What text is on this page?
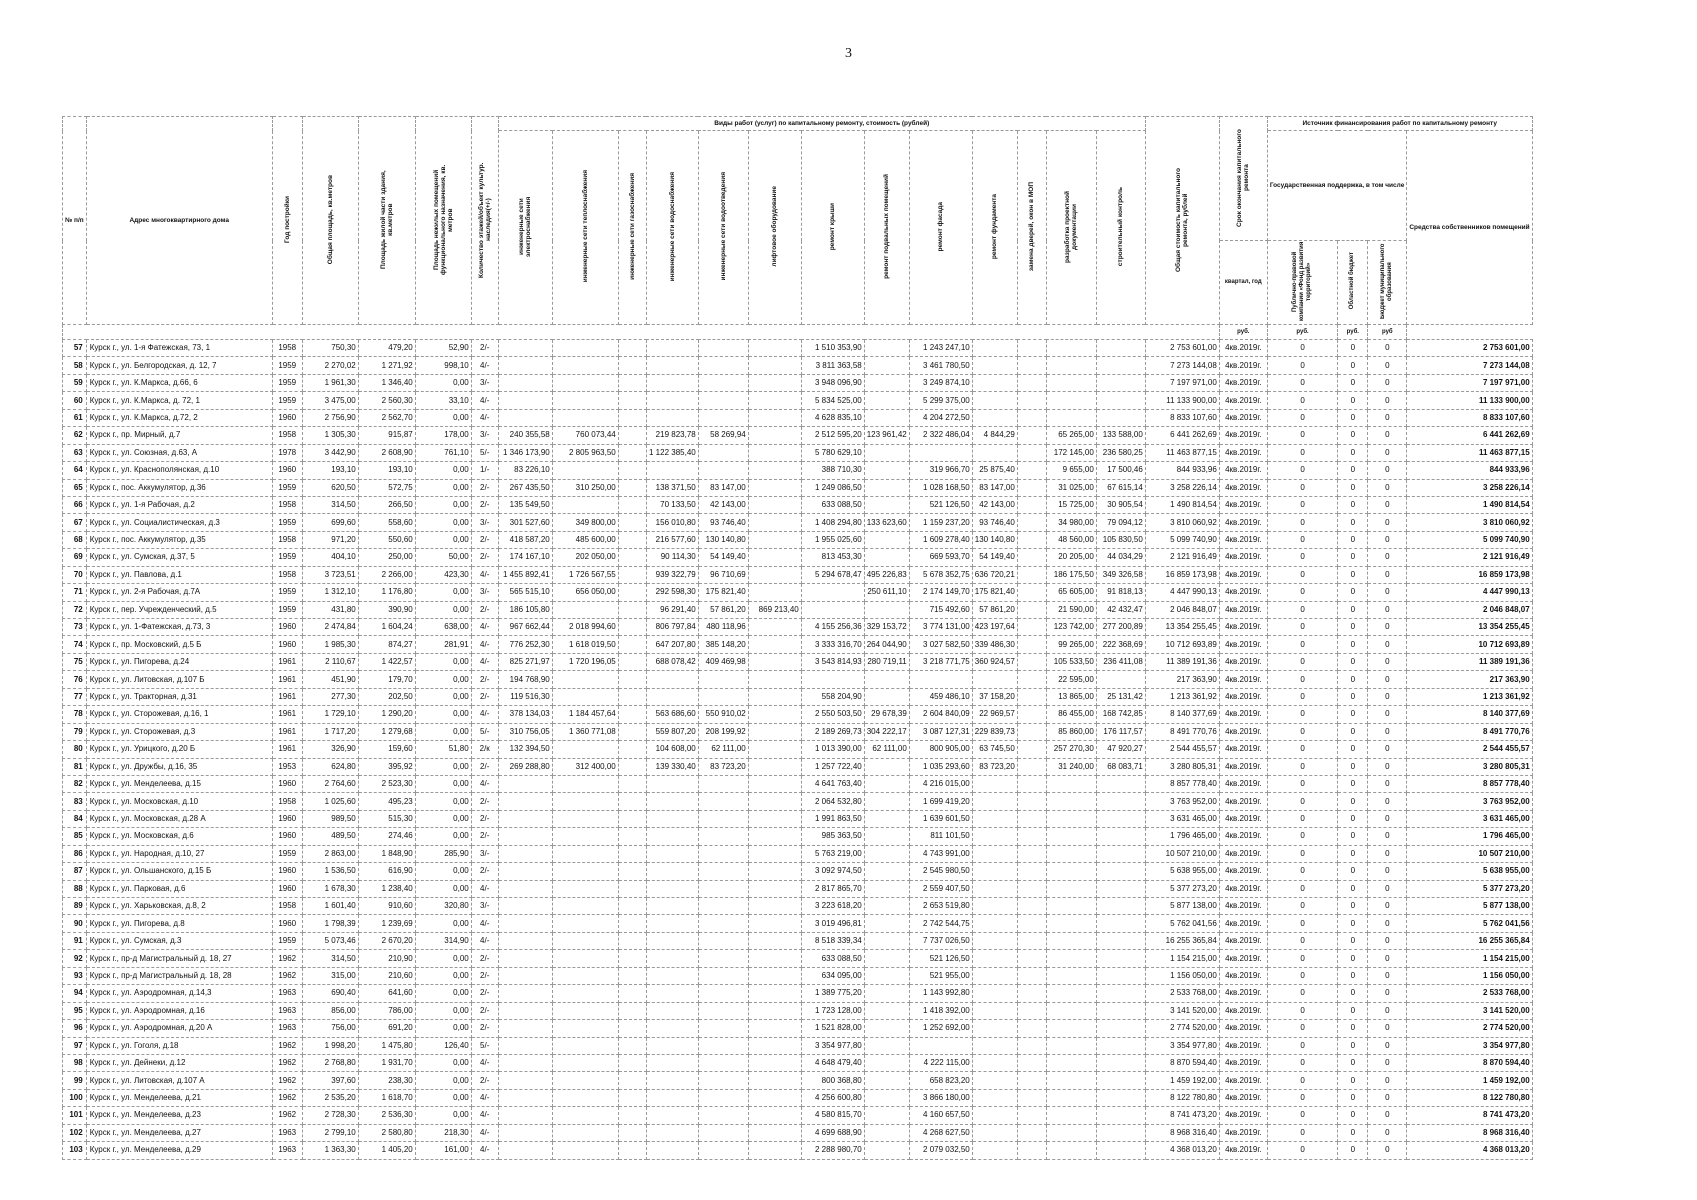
3
№ п/п	Адрес многоквартирного дома	Год постройки	Общая площадь, кв.метров	Площадь жилой части здания, кв.метров	Площадь нежилых помещений функционального назначения, кв. метров	Количество этажей/объект культур. наследия(+/-)	Виды работ (услуг) по капитальному ремонту, стоимость (рублей)													Общая стоимость капитального ремонта, рублей	Срок окончания капитального ремонта	Источник финансирования работ по капитальному ремонту			
							инженерные сети электроснабжения	инженерные сети теплоснабжения	инженерные сети газоснабжения	инженерные сети водоснабжения	инженерные сети водоотведения	лифтовое оборудование	ремонт крыши	ремонт подвальных помещений	ремонт фасада	ремонт фундамента	замена дверей, окон в МОП	разработка проектной документации	строительный контроль			Государственная поддержка, в том числе			Средства собственников помещений
																					квартал, год	Публично-правовой компании «Фонд развития территорий»	Областной бюджет	Бюджет муниципального образования	
																					руб.	руб.	руб.	руб	
57	Курск г., ул. 1-я Фатежская, 73, 1	1958	750,30	479,20	52,90	2/-							1 510 353,90		1 243 247,10					2 753 601,00	4кв.2019г.	0	0	0	2 753 601,00
58	Курск г., ул. Белгородская, д. 12, 7	1959	2 270,02	1 271,92	998,10	4/-							3 811 363,58		3 461 780,50					7 273 144,08	4кв.2019г.	0	0	0	7 273 144,08
59	Курск г., ул. К.Маркса, д.66, 6	1959	1 961,30	1 346,40	0,00	3/-							3 948 096,90		3 249 874,10					7 197 971,00	4кв.2019г.	0	0	0	7 197 971,00
60	Курск г., ул. К.Маркса, д. 72, 1	1959	3 475,00	2 560,30	33,10	4/-							5 834 525,00		5 299 375,00					11 133 900,00	4кв.2019г.	0	0	0	11 133 900,00
61	Курск г., ул. К.Маркса, д.72, 2	1960	2 756,90	2 562,70	0,00	4/-							4 628 835,10		4 204 272,50					8 833 107,60	4кв.2019г.	0	0	0	8 833 107,60
62	Курск г., пр. Мирный, д.7	1958	1 305,30	915,87	178,00	3/-	240 355,58	760 073,44		219 823,78	58 269,94		2 512 595,20	123 961,42	2 322 486,04	4 844,29		65 265,00	133 588,00	6 441 262,69	4кв.2019г.	0	0	0	6 441 262,69
63	Курск г., ул. Союзная, д.63, А	1978	3 442,90	2 608,90	761,10	5/-	1 346 173,90	2 805 963,50		1 122 385,40			5 780 629,10					172 145,00	236 580,25	11 463 877,15	4кв.2019г.	0	0	0	11 463 877,15
64	Курск г., ул. Краснополянская, д.10	1960	193,10	193,10	0,00	1/-	83 226,10						388 710,30		319 966,70	25 875,40		9 655,00	17 500,46	844 933,96	4кв.2019г.	0	0	0	844 933,96
65	Курск г., пос. Аккумулятор, д.36	1959	620,50	572,75	0,00	2/-	267 435,50	310 250,00		138 371,50	83 147,00		1 249 086,50		1 028 168,50	83 147,00		31 025,00	67 615,14	3 258 226,14	4кв.2019г.	0	0	0	3 258 226,14
66	Курск г., ул. 1-я Рабочая, д.2	1958	314,50	266,50	0,00	2/-	135 549,50			70 133,50	42 143,00		633 088,50		521 126,50	42 143,00		15 725,00	30 905,54	1 490 814,54	4кв.2019г.	0	0	0	1 490 814,54
67	Курск г., ул. Социалистическая, д.3	1959	699,60	558,60	0,00	3/-	301 527,60	349 800,00		156 010,80	93 746,40		1 408 294,80	133 623,60	1 159 237,20	93 746,40		34 980,00	79 094,12	3 810 060,92	4кв.2019г.	0	0	0	3 810 060,92
68	Курск г., пос. Аккумулятор, д.35	1958	971,20	550,60	0,00	2/-	418 587,20	485 600,00		216 577,60	130 140,80		1 955 025,60		1 609 278,40	130 140,80		48 560,00	105 830,50	5 099 740,90	4кв.2019г.	0	0	0	5 099 740,90
69	Курск г., ул. Сумская, д.37, 5	1959	404,10	250,00	50,00	2/-	174 167,10	202 050,00		90 114,30	54 149,40		813 453,30		669 593,70	54 149,40		20 205,00	44 034,29	2 121 916,49	4кв.2019г.	0	0	0	2 121 916,49
70	Курск г., ул. Павлова, д.1	1958	3 723,51	2 266,00	423,30	4/-	1 455 892,41	1 726 567,55		939 322,79	96 710,69		5 294 678,47	495 226,83	5 678 352,75	636 720,21		186 175,50	349 326,58	16 859 173,98	4кв.2019г.	0	0	0	16 859 173,98
71	Курск г., ул. 2-я Рабочая, д.7А	1959	1 312,10	1 176,80	0,00	3/-	565 515,10	656 050,00		292 598,30	175 821,40			250 611,10	2 174 149,70	175 821,40		65 605,00	91 818,13	4 447 990,13	4кв.2019г.	0	0	0	4 447 990,13
72	Курск г., пер. Учрежденческий, д.5	1959	431,80	390,90	0,00	2/-	186 105,80			96 291,40	57 861,20	869 213,40			715 492,60	57 861,20		21 590,00	42 432,47	2 046 848,07	4кв.2019г.	0	0	0	2 046 848,07
73	Курск г., ул. 1-Фатежская, д.73, 3	1960	2 474,84	1 604,24	638,00	4/-	967 662,44	2 018 994,60		806 797,84	480 118,96		4 155 256,36	329 153,72	3 774 131,00	423 197,64		123 742,00	277 200,89	13 354 255,45	4кв.2019г.	0	0	0	13 354 255,45
74	Курск г., пр. Московский, д.5 Б	1960	1 985,30	874,27	281,91	4/-	776 252,30	1 618 019,50		647 207,80	385 148,20		3 333 316,70	264 044,90	3 027 582,50	339 486,30		99 265,00	222 368,69	10 712 693,89	4кв.2019г.	0	0	0	10 712 693,89
75	Курск г., ул. Пигорева, д.24	1961	2 110,67	1 422,57	0,00	4/-	825 271,97	1 720 196,05		688 078,42	409 469,98		3 543 814,93	280 719,11	3 218 771,75	360 924,57		105 533,50	236 411,08	11 389 191,36	4кв.2019г.	0	0	0	11 389 191,36
76	Курск г., ул. Литовская, д.107 Б	1961	451,90	179,70	0,00	2/-	194 768,90											22 595,00		217 363,90	4кв.2019г.	0	0	0	217 363,90
77	Курск г., ул. Тракторная, д.31	1961	277,30	202,50	0,00	2/-	119 516,30						558 204,90		459 486,10	37 158,20		13 865,00	25 131,42	1 213 361,92	4кв.2019г.	0	0	0	1 213 361,92
78	Курск г., ул. Сторожевая, д.16, 1	1961	1 729,10	1 290,20	0,00	4/-	378 134,03	1 184 457,64		563 686,60	550 910,02		2 550 503,50	29 678,39	2 604 840,09	22 969,57		86 455,00	168 742,85	8 140 377,69	4кв.2019г.	0	0	0	8 140 377,69
79	Курск г., ул. Сторожевая, д.3	1961	1 717,20	1 279,68	0,00	5/-	310 756,05	1 360 771,08		559 807,20	208 199,92		2 189 269,73	304 222,17	3 087 127,31	229 839,73		85 860,00	176 117,57	8 491 770,76	4кв.2019г.	0	0	0	8 491 770,76
80	Курск г., ул. Урицкого, д.20 Б	1961	326,90	159,60	51,80	2/к	132 394,50			104 608,00	62 111,00		1 013 390,00	62 111,00	800 905,00	63 745,50		257 270,30	47 920,27	2 544 455,57	4кв.2019г.	0	0	0	2 544 455,57
81	Курск г., ул. Дружбы, д.16, 35	1953	624,80	395,92	0,00	2/-	269 288,80	312 400,00		139 330,40	83 723,20		1 257 722,40		1 035 293,60	83 723,20		31 240,00	68 083,71	3 280 805,31	4кв.2019г.	0	0	0	3 280 805,31
82	Курск г., ул. Менделеева, д.15	1960	2 764,60	2 523,30	0,00	4/-							4 641 763,40		4 216 015,00					8 857 778,40	4кв.2019г.	0	0	0	8 857 778,40
83	Курск г., ул. Московская, д.10	1958	1 025,60	495,23	0,00	2/-							2 064 532,80		1 699 419,20					3 763 952,00	4кв.2019г.	0	0	0	3 763 952,00
84	Курск г., ул. Московская, д.28 А	1960	989,50	515,30	0,00	2/-							1 991 863,50		1 639 601,50					3 631 465,00	4кв.2019г.	0	0	0	3 631 465,00
85	Курск г., ул. Московская, д.6	1960	489,50	274,46	0,00	2/-							985 363,50		811 101,50					1 796 465,00	4кв.2019г.	0	0	0	1 796 465,00
86	Курск г., ул. Народная, д.10, 27	1959	2 863,00	1 848,90	285,90	3/-							5 763 219,00		4 743 991,00					10 507 210,00	4кв.2019г.	0	0	0	10 507 210,00
87	Курск г., ул. Ольшанского, д.15 Б	1960	1 536,50	616,90	0,00	2/-							3 092 974,50		2 545 980,50					5 638 955,00	4кв.2019г.	0	0	0	5 638 955,00
88	Курск г., ул. Парковая, д.6	1960	1 678,30	1 238,40	0,00	4/-							2 817 865,70		2 559 407,50					5 377 273,20	4кв.2019г.	0	0	0	5 377 273,20
89	Курск г., ул. Харьковская, д.8, 2	1958	1 601,40	910,60	320,80	3/-							3 223 618,20		2 653 519,80					5 877 138,00	4кв.2019г.	0	0	0	5 877 138,00
90	Курск г., ул. Пигорева, д.8	1960	1 798,39	1 239,69	0,00	4/-							3 019 496,81		2 742 544,75					5 762 041,56	4кв.2019г.	0	0	0	5 762 041,56
91	Курск г., ул. Сумская, д.3	1959	5 073,46	2 670,20	314,90	4/-							8 518 339,34		7 737 026,50					16 255 365,84	4кв.2019г.	0	0	0	16 255 365,84
92	Курск г., пр-д Магистральный д. 18, 27	1962	314,50	210,90	0,00	2/-							633 088,50		521 126,50					1 154 215,00	4кв.2019г.	0	0	0	1 154 215,00
93	Курск г., пр-д Магистральный д. 18, 28	1962	315,00	210,60	0,00	2/-							634 095,00		521 955,00					1 156 050,00	4кв.2019г.	0	0	0	1 156 050,00
94	Курск г., ул. Аэродромная, д.14,3	1963	690,40	641,60	0,00	2/-							1 389 775,20		1 143 992,80					2 533 768,00	4кв.2019г.	0	0	0	2 533 768,00
95	Курск г., ул. Аэродромная, д.16	1963	856,00	786,00	0,00	2/-							1 723 128,00		1 418 392,00					3 141 520,00	4кв.2019г.	0	0	0	3 141 520,00
96	Курск г., ул. Аэродромная, д.20 А	1963	756,00	691,20	0,00	2/-							1 521 828,00		1 252 692,00					2 774 520,00	4кв.2019г.	0	0	0	2 774 520,00
97	Курск г., ул. Гоголя, д.18	1962	1 998,20	1 475,80	126,40	5/-							3 354 977,80							3 354 977,80	4кв.2019г.	0	0	0	3 354 977,80
98	Курск г., ул. Дейнеки, д.12	1962	2 768,80	1 931,70	0,00	4/-							4 648 479,40		4 222 115,00					8 870 594,40	4кв.2019г.	0	0	0	8 870 594,40
99	Курск г., ул. Литовская, д.107 А	1962	397,60	238,30	0,00	2/-							800 368,80		658 823,20					1 459 192,00	4кв.2019г.	0	0	0	1 459 192,00
100	Курск г., ул. Менделеева, д.21	1962	2 535,20	1 618,70	0,00	4/-							4 256 600,80		3 866 180,00					8 122 780,80	4кв.2019г.	0	0	0	8 122 780,80
101	Курск г., ул. Менделеева, д.23	1962	2 728,30	2 536,30	0,00	4/-							4 580 815,70		4 160 657,50					8 741 473,20	4кв.2019г.	0	0	0	8 741 473,20
102	Курск г., ул. Менделеева, д.27	1963	2 799,10	2 580,80	218,30	4/-							4 699 688,90		4 268 627,50					8 968 316,40	4кв.2019г.	0	0	0	8 968 316,40
103	Курск г., ул. Менделеева, д.29	1963	1 363,30	1 405,20	161,00	4/-							2 288 980,70		2 079 032,50					4 368 013,20	4кв.2019г.	0	0	0	4 368 013,20
